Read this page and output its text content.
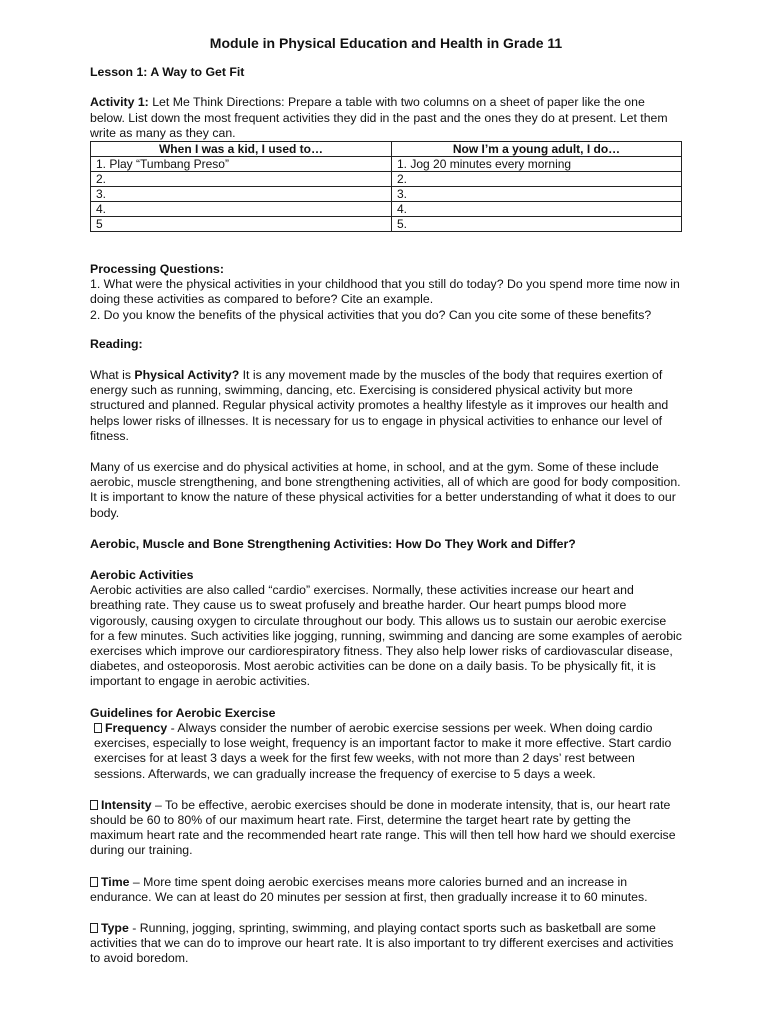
Module in Physical Education and Health in Grade 11
Lesson 1: A Way to Get Fit

Activity 1: Let Me Think Directions: Prepare a table with two columns on a sheet of paper like the one below. List down the most frequent activities they did in the past and the ones they do at present. Let them write as many as they can.

When I was a kid, I used to…	Now I’m a young adult, I do…
1. Play “Tumbang Preso”	1. Jog 20 minutes every morning
2.	2.
3.	3.
4.	4.
5	5.

Processing Questions:

1. What were the physical activities in your childhood that you still do today? Do you spend more time now in doing these activities as compared to before? Cite an example.

2. Do you know the benefits of the physical activities that you do? Can you cite some of these benefits?

Reading:

What is Physical Activity? It is any movement made by the muscles of the body that requires exertion of energy such as running, swimming, dancing, etc. Exercising is considered physical activity but more structured and planned. Regular physical activity promotes a healthy lifestyle as it improves our health and helps lower risks of illnesses. It is necessary for us to engage in physical activities to enhance our level of fitness.

Many of us exercise and do physical activities at home, in school, and at the gym. Some of these include aerobic, muscle strengthening, and bone strengthening activities, all of which are good for body composition. It is important to know the nature of these physical activities for a better understanding of what it does to our body.

Aerobic, Muscle and Bone Strengthening Activities: How Do They Work and Differ?

Aerobic Activities

Aerobic activities are also called “cardio” exercises. Normally, these activities increase our heart and breathing rate. They cause us to sweat profusely and breathe harder. Our heart pumps blood more vigorously, causing oxygen to circulate throughout our body. This allows us to sustain our aerobic exercise for a few minutes. Such activities like jogging, running, swimming and dancing are some examples of aerobic exercises which improve our cardiorespiratory fitness. They also help lower risks of cardiovascular disease, diabetes, and osteoporosis. Most aerobic activities can be done on a daily basis. To be physically fit, it is important to engage in aerobic activities.

Guidelines for Aerobic Exercise

Frequency - Always consider the number of aerobic exercise sessions per week. When doing cardio exercises, especially to lose weight, frequency is an important factor to make it more effective. Start cardio exercises for at least 3 days a week for the first few weeks, with not more than 2 days’ rest between sessions. Afterwards, we can gradually increase the frequency of exercise to 5 days a week.

Intensity – To be effective, aerobic exercises should be done in moderate intensity, that is, our heart rate should be 60 to 80% of our maximum heart rate. First, determine the target heart rate by getting the maximum heart rate and the recommended heart rate range. This will then tell how hard we should exercise during our training.

Time – More time spent doing aerobic exercises means more calories burned and an increase in endurance. We can at least do 20 minutes per session at first, then gradually increase it to 60 minutes.

Type - Running, jogging, sprinting, swimming, and playing contact sports such as basketball are some activities that we can do to improve our heart rate. It is also important to try different exercises and activities to avoid boredom.
